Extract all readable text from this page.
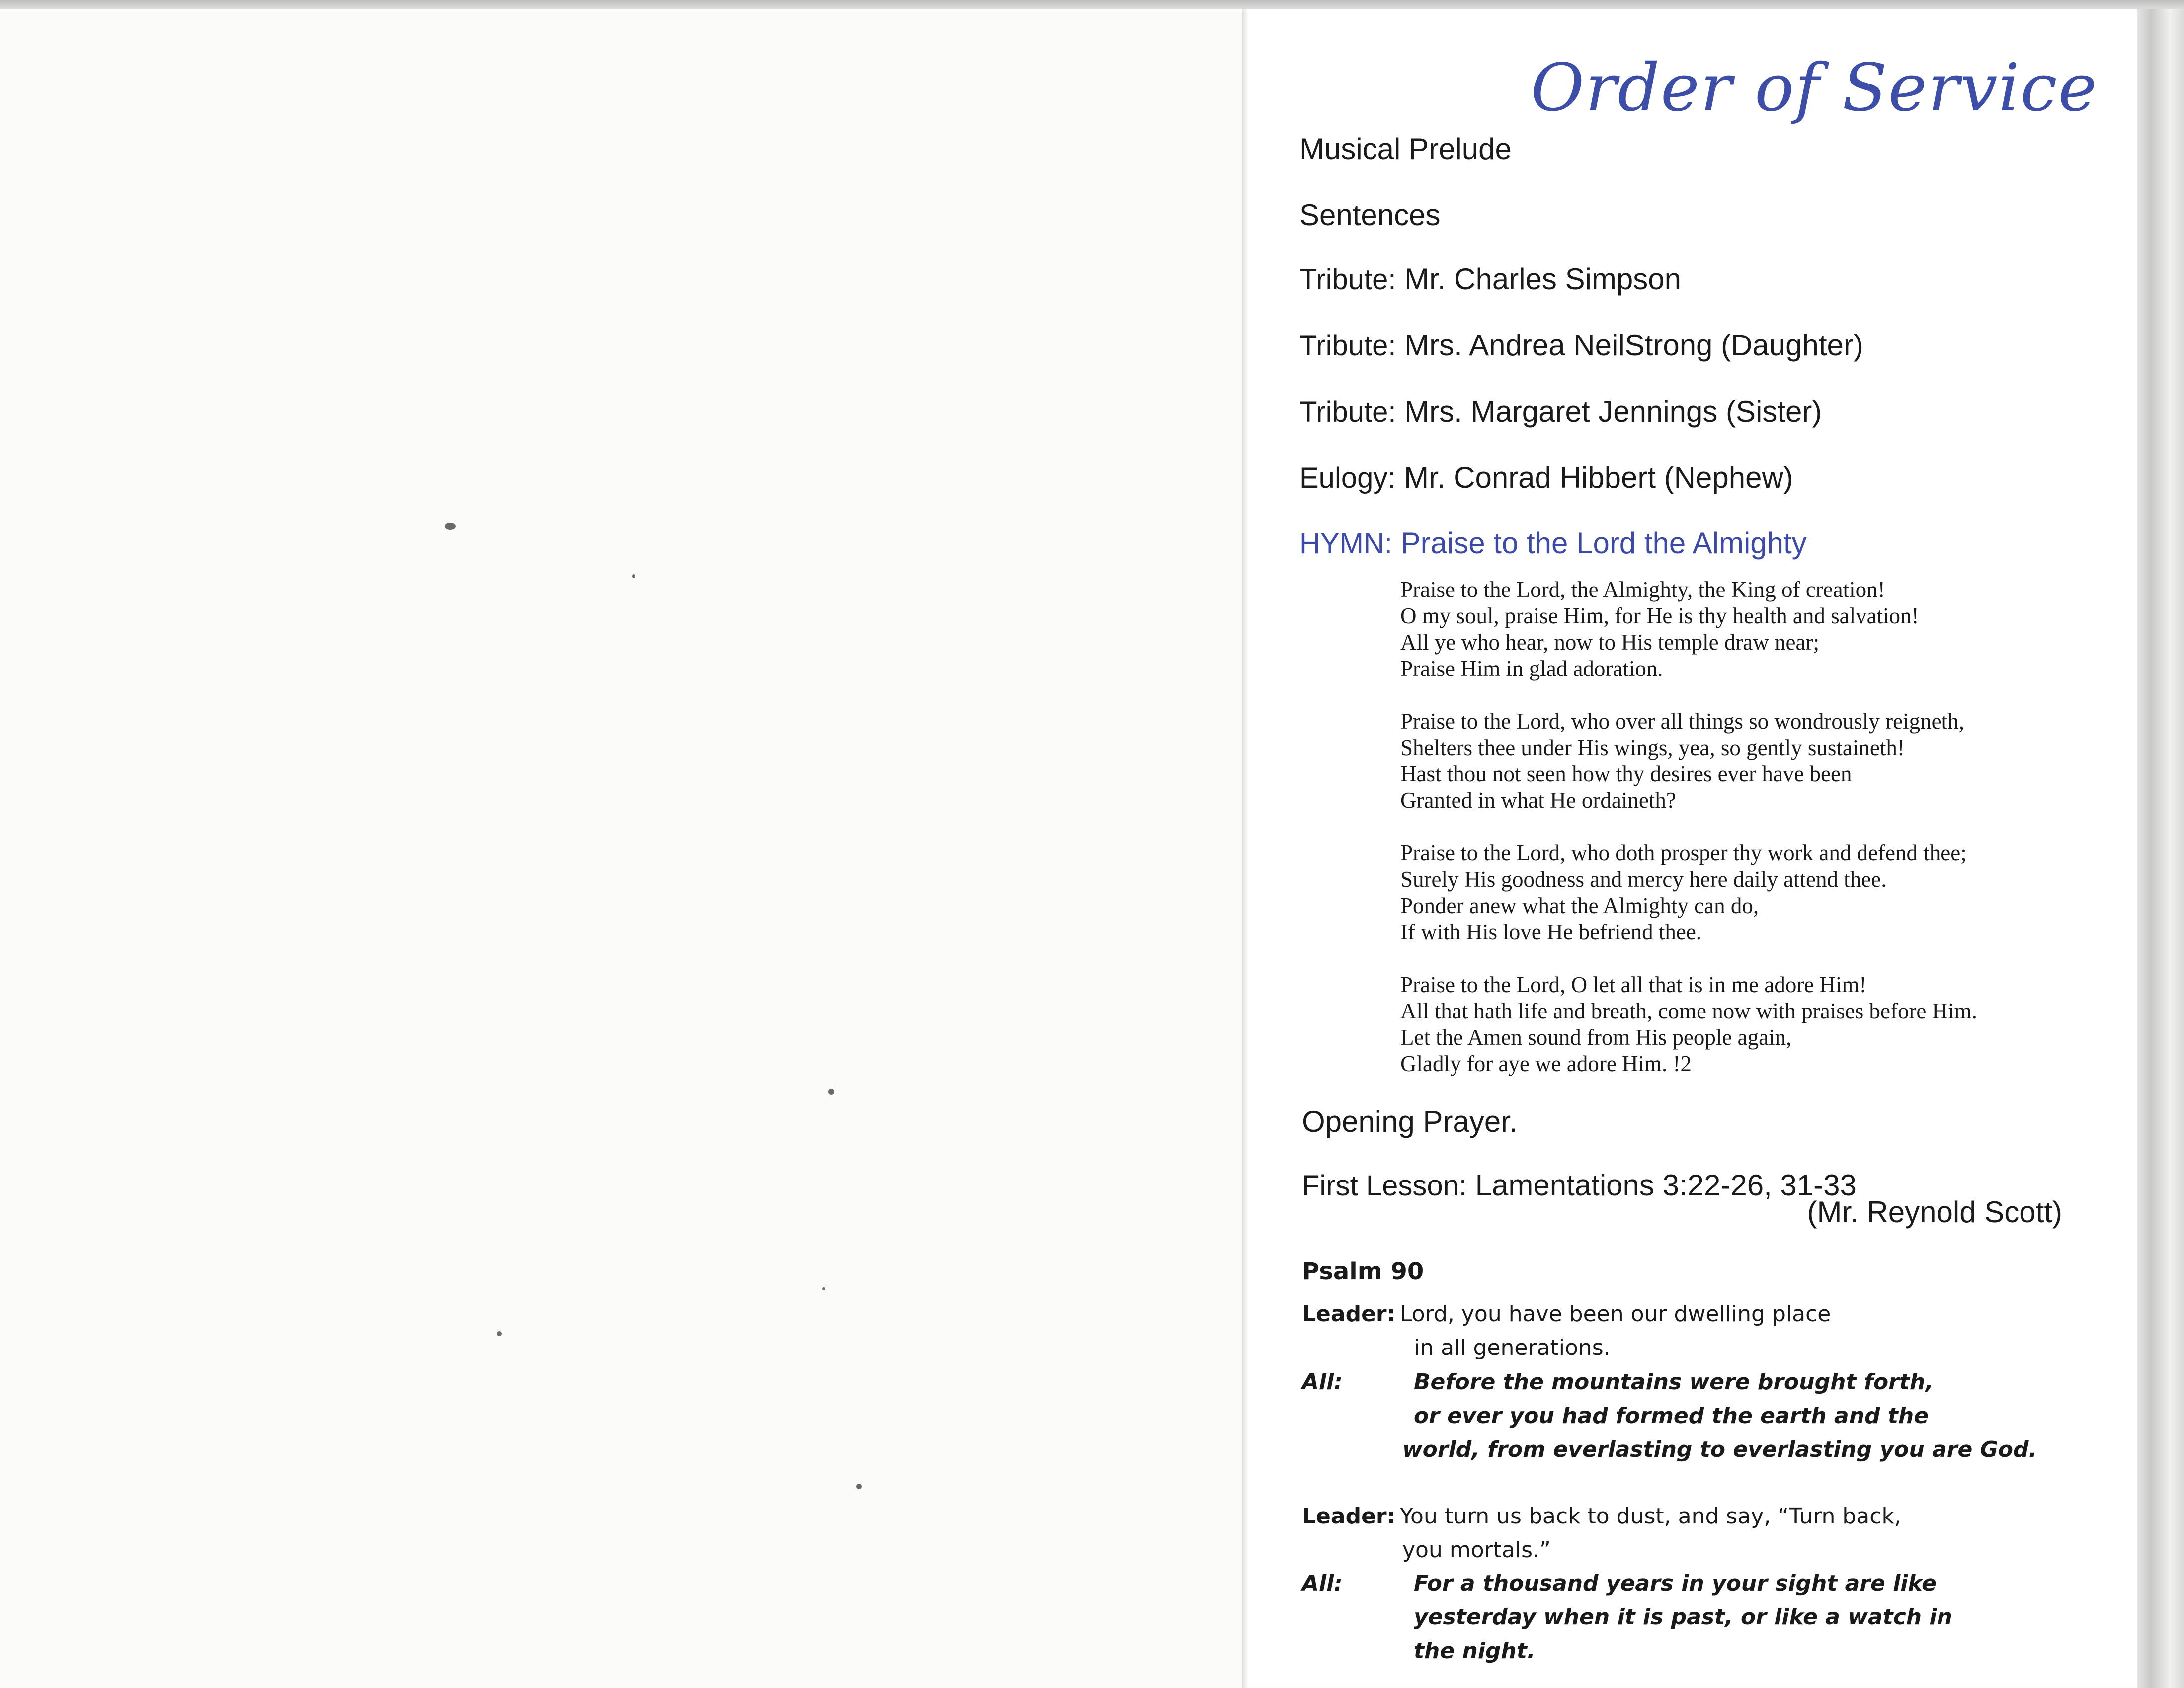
Order of Service
Musical Prelude
Sentences
Tribute: Mr. Charles Simpson
Tribute: Mrs. Andrea NeilStrong (Daughter)
Tribute: Mrs. Margaret Jennings (Sister)
Eulogy: Mr. Conrad Hibbert (Nephew)
HYMN: Praise to the Lord the Almighty
Praise to the Lord, the Almighty, the King of creation!
O my soul, praise Him, for He is thy health and salvation!
All ye who hear, now to His temple draw near;
Praise Him in glad adoration.
Praise to the Lord, who over all things so wondrously reigneth,
Shelters thee under His wings, yea, so gently sustaineth!
Hast thou not seen how thy desires ever have been
Granted in what He ordaineth?
Praise to the Lord, who doth prosper thy work and defend thee;
Surely His goodness and mercy here daily attend thee.
Ponder anew what the Almighty can do,
If with His love He befriend thee.
Praise to the Lord, O let all that is in me adore Him!
All that hath life and breath, come now with praises before Him.
Let the Amen sound from His people again,
Gladly for aye we adore Him. !2
Opening Prayer.
First Lesson: Lamentations 3:22-26, 31-33
(Mr. Reynold Scott)
Psalm 90
Leader: Lord, you have been our dwelling place
in all generations.
All:	Before the mountains were brought forth,
or ever you had formed the earth and the
world, from everlasting to everlasting you are God.
Leader: You turn us back to dust, and say, “Turn back,
you mortals.”
All:	For a thousand years in your sight are like
yesterday when it is past, or like a watch in
the night.
